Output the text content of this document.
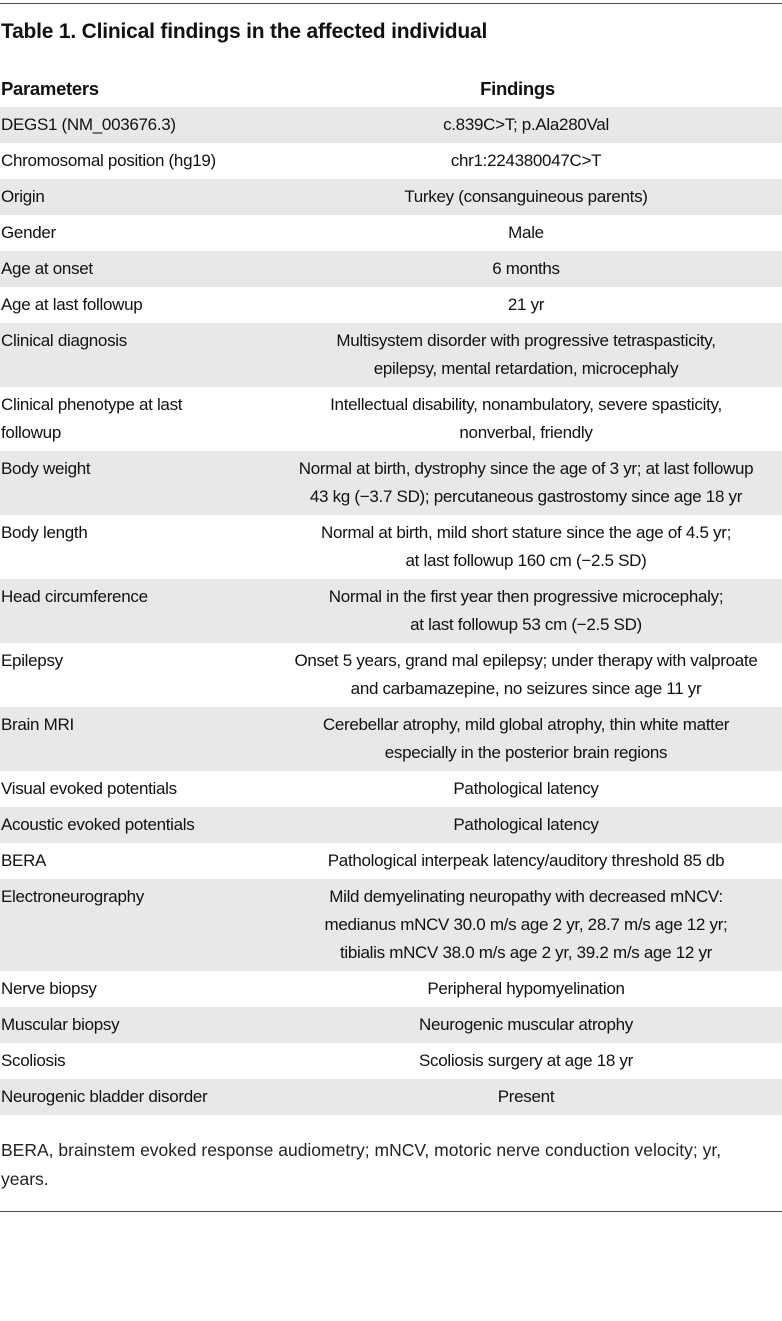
Table 1. Clinical findings in the affected individual
Parameters	Findings

DEGS1 (NM_003676.3)	c.839C>T; p.Ala280Val

Chromosomal position (hg19)	chr1:224380047C>T

Origin	Turkey (consanguineous parents)

Gender	Male

Age at onset	6 months

Age at last followup	21 yr

Clinical diagnosis	Multisystem disorder with progressive tetraspasticity,
epilepsy, mental retardation, microcephaly

Clinical phenotype at last
followup	Intellectual disability, nonambulatory, severe spasticity,
nonverbal, friendly

Body weight	Normal at birth, dystrophy since the age of 3 yr; at last followup
43 kg (−3.7 SD); percutaneous gastrostomy since age 18 yr

Body length	Normal at birth, mild short stature since the age of 4.5 yr;
at last followup 160 cm (−2.5 SD)

Head circumference	Normal in the first year then progressive microcephaly;
at last followup 53 cm (−2.5 SD)

Epilepsy	Onset 5 years, grand mal epilepsy; under therapy with valproate
and carbamazepine, no seizures since age 11 yr

Brain MRI	Cerebellar atrophy, mild global atrophy, thin white matter
especially in the posterior brain regions

Visual evoked potentials	Pathological latency

Acoustic evoked potentials	Pathological latency

BERA	Pathological interpeak latency/auditory threshold 85 db

Electroneurography	Mild demyelinating neuropathy with decreased mNCV:
medianus mNCV 30.0 m/s age 2 yr, 28.7 m/s age 12 yr;
tibialis mNCV 38.0 m/s age 2 yr, 39.2 m/s age 12 yr

Nerve biopsy	Peripheral hypomyelination

Muscular biopsy	Neurogenic muscular atrophy

Scoliosis	Scoliosis surgery at age 18 yr

Neurogenic bladder disorder	Present

BERA, brainstem evoked response audiometry; mNCV, motoric nerve conduction velocity; yr, years.
